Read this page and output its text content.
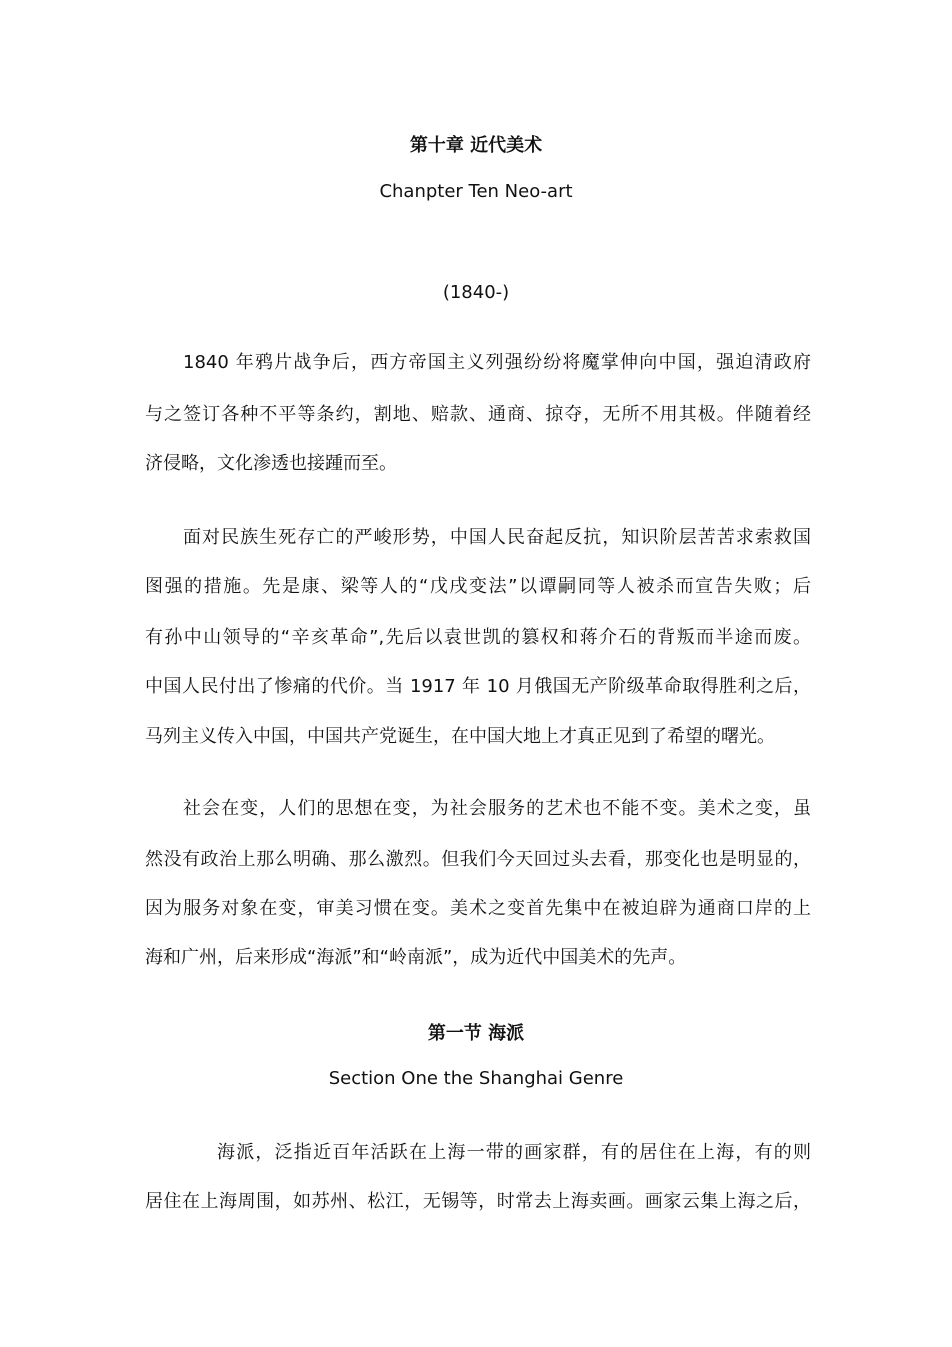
第十章 近代美术
Chanpter Ten Neo-art
(1840-)
1840 年鸦片战争后，西方帝国主义列强纷纷将魔掌伸向中国，强迫清政府
与之签订各种不平等条约，割地、赔款、通商、掠夺，无所不用其极。伴随着经
济侵略，文化渗透也接踵而至。
面对民族生死存亡的严峻形势，中国人民奋起反抗，知识阶层苦苦求索救国
图强的措施。先是康、梁等人的“戊戌变法”以谭嗣同等人被杀而宣告失败；后
有孙中山领导的“辛亥革命”,先后以袁世凯的篡权和蒋介石的背叛而半途而废。
中国人民付出了惨痛的代价。当 1917 年 10 月俄国无产阶级革命取得胜利之后，
马列主义传入中国，中国共产党诞生，在中国大地上才真正见到了希望的曙光。
社会在变，人们的思想在变，为社会服务的艺术也不能不变。美术之变，虽
然没有政治上那么明确、那么激烈。但我们今天回过头去看，那变化也是明显的，
因为服务对象在变，审美习惯在变。美术之变首先集中在被迫辟为通商口岸的上
海和广州，后来形成“海派”和“岭南派”，成为近代中国美术的先声。
第一节 海派
Section One the Shanghai Genre
海派，泛指近百年活跃在上海一带的画家群，有的居住在上海，有的则
居住在上海周围，如苏州、松江，无锡等，时常去上海卖画。画家云集上海之后，
